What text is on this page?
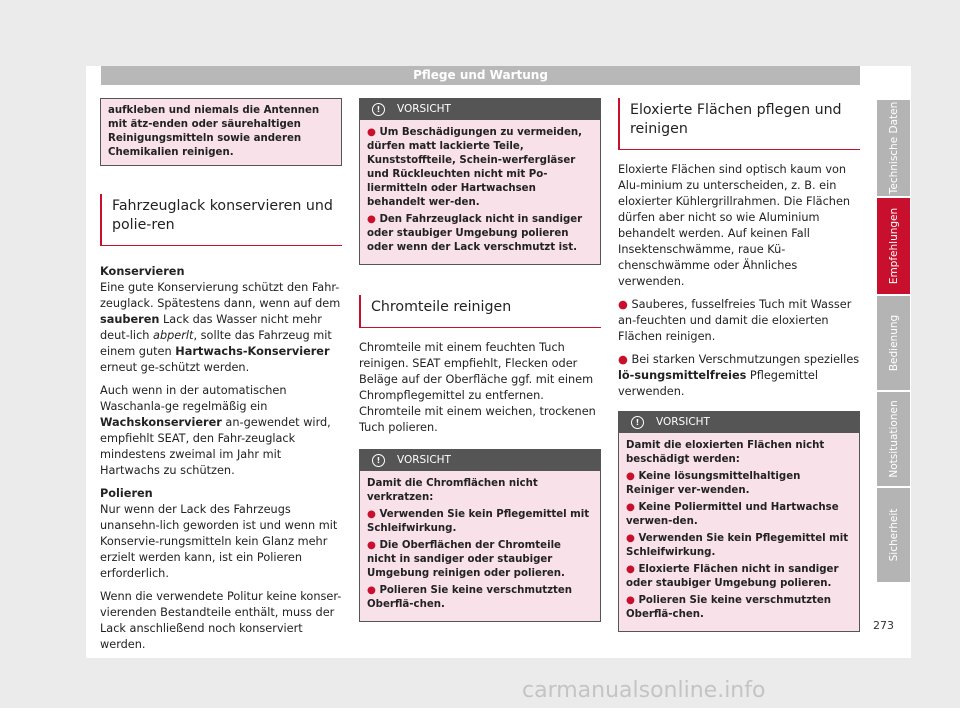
Pflege und Wartung
aufkleben und niemals die Antennen mit ätz-enden oder säurehaltigen Reinigungsmitteln sowie anderen Chemikalien reinigen.
Fahrzeuglack konservieren und polie-ren

Konservieren

Eine gute Konservierung schützt den Fahr-zeuglack. Spätestens dann, wenn auf dem sauberen Lack das Wasser nicht mehr deut-lich abperlt, sollte das Fahrzeug mit einem guten Hartwachs-Konservierer erneut ge-schützt werden.

Auch wenn in der automatischen Waschanla-ge regelmäßig ein Wachskonservierer an-gewendet wird, empfiehlt SEAT, den Fahr-zeuglack mindestens zweimal im Jahr mit Hartwachs zu schützen.

Polieren

Nur wenn der Lack des Fahrzeugs unansehn-lich geworden ist und wenn mit Konservie-rungsmitteln kein Glanz mehr erzielt werden kann, ist ein Polieren erforderlich.

Wenn die verwendete Politur keine konser-vierenden Bestandteile enthält, muss der Lack anschließend noch konserviert werden.

!	VORSICHT

● Um Beschädigungen zu vermeiden, dürfen matt lackierte Teile, Kunststoffteile, Schein-werfergläser und Rückleuchten nicht mit Po-liermitteln oder Hartwachsen behandelt wer-den.

● Den Fahrzeuglack nicht in sandiger oder staubiger Umgebung polieren oder wenn der Lack verschmutzt ist.

Chromteile reinigen

Chromteile mit einem feuchten Tuch reinigen. SEAT empfiehlt, Flecken oder Beläge auf der Oberfläche ggf. mit einem Chrompflegemittel zu entfernen. Chromteile mit einem weichen, trockenen Tuch polieren.

!	VORSICHT

Damit die Chromflächen nicht verkratzen:

● Verwenden Sie kein Pflegemittel mit Schleifwirkung.

● Die Oberflächen der Chromteile nicht in sandiger oder staubiger Umgebung reinigen oder polieren.

● Polieren Sie keine verschmutzten Oberflä-chen.

Eloxierte Flächen pflegen und reinigen

Eloxierte Flächen sind optisch kaum von Alu-minium zu unterscheiden, z. B. ein eloxierter Kühlergrillrahmen. Die Flächen dürfen aber nicht so wie Aluminium behandelt werden. Auf keinen Fall Insektenschwämme, raue Kü-chenschwämme oder Ähnliches verwenden.

● Sauberes, fusselfreies Tuch mit Wasser an-feuchten und damit die eloxierten Flächen reinigen.

● Bei starken Verschmutzungen spezielles lö-sungsmittelfreies Pflegemittel verwenden.

!	VORSICHT

Damit die eloxierten Flächen nicht beschädigt werden:

● Keine lösungsmittelhaltigen Reiniger ver-wenden.

● Keine Poliermittel und Hartwachse verwen-den.

● Verwenden Sie kein Pflegemittel mit Schleifwirkung.

● Eloxierte Flächen nicht in sandiger oder staubiger Umgebung polieren.

● Polieren Sie keine verschmutzten Oberflä-chen.

Technische Daten
Empfehlungen
Bedienung
Notsituationen
Sicherheit
273
carmanualsonline.info
